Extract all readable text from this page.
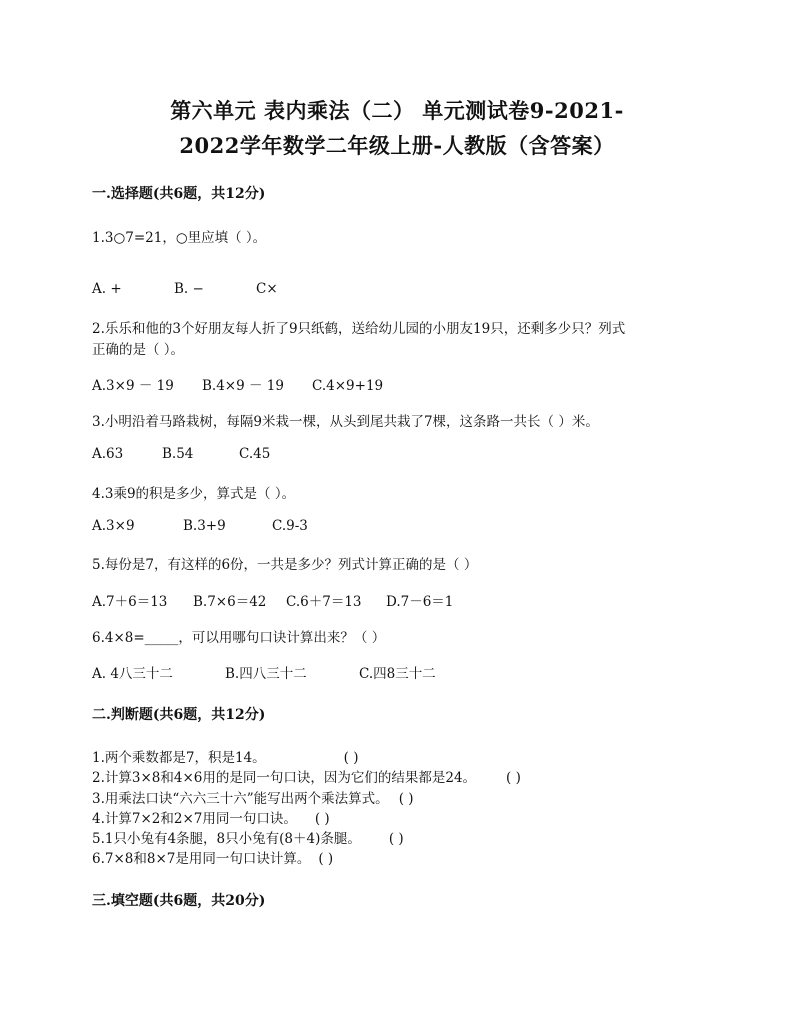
第六单元 表内乘法（二） 单元测试卷9-2021-
2022学年数学二年级上册-人教版（含答案）
一.选择题(共6题，共12分)
1.3○7=21，○里应填（ ）。
A. +	B. −	C×
2.乐乐和他的3个好朋友每人折了9只纸鹤，送给幼儿园的小朋友19只，还剩多少只？列式
正确的是（ ）。
A.3×9 － 19 B.4×9 － 19 C.4×9+19
3.小明沿着马路栽树，每隔9米栽一棵，从头到尾共栽了7棵，这条路一共长（ ）米。
A.63	B.54	C.45
4.3乘9的积是多少，算式是（ ）。
A.3×9	B.3+9	C.9-3
5.每份是7，有这样的6份，一共是多少？列式计算正确的是（ ）
A.7＋6＝13 B.7×6＝42 C.6＋7＝13 D.7－6＝1
6.4×8=_____，可以用哪句口诀计算出来？（ ）
A. 4八三十二	B.四八三十二	C.四8三十二
二.判断题(共6题，共12分)
1.两个乘数都是7，积是14。	( )
2.计算3×8和4×6用的是同一句口诀，因为它们的结果都是24。 ( )
3.用乘法口诀“六六三十六”能写出两个乘法算式。 ( )
4.计算7×2和2×7用同一句口诀。 ( )
5.1只小兔有4条腿，8只小兔有(8＋4)条腿。 ( )
6.7×8和8×7是用同一句口诀计算。 ( )
三.填空题(共6题，共20分)
